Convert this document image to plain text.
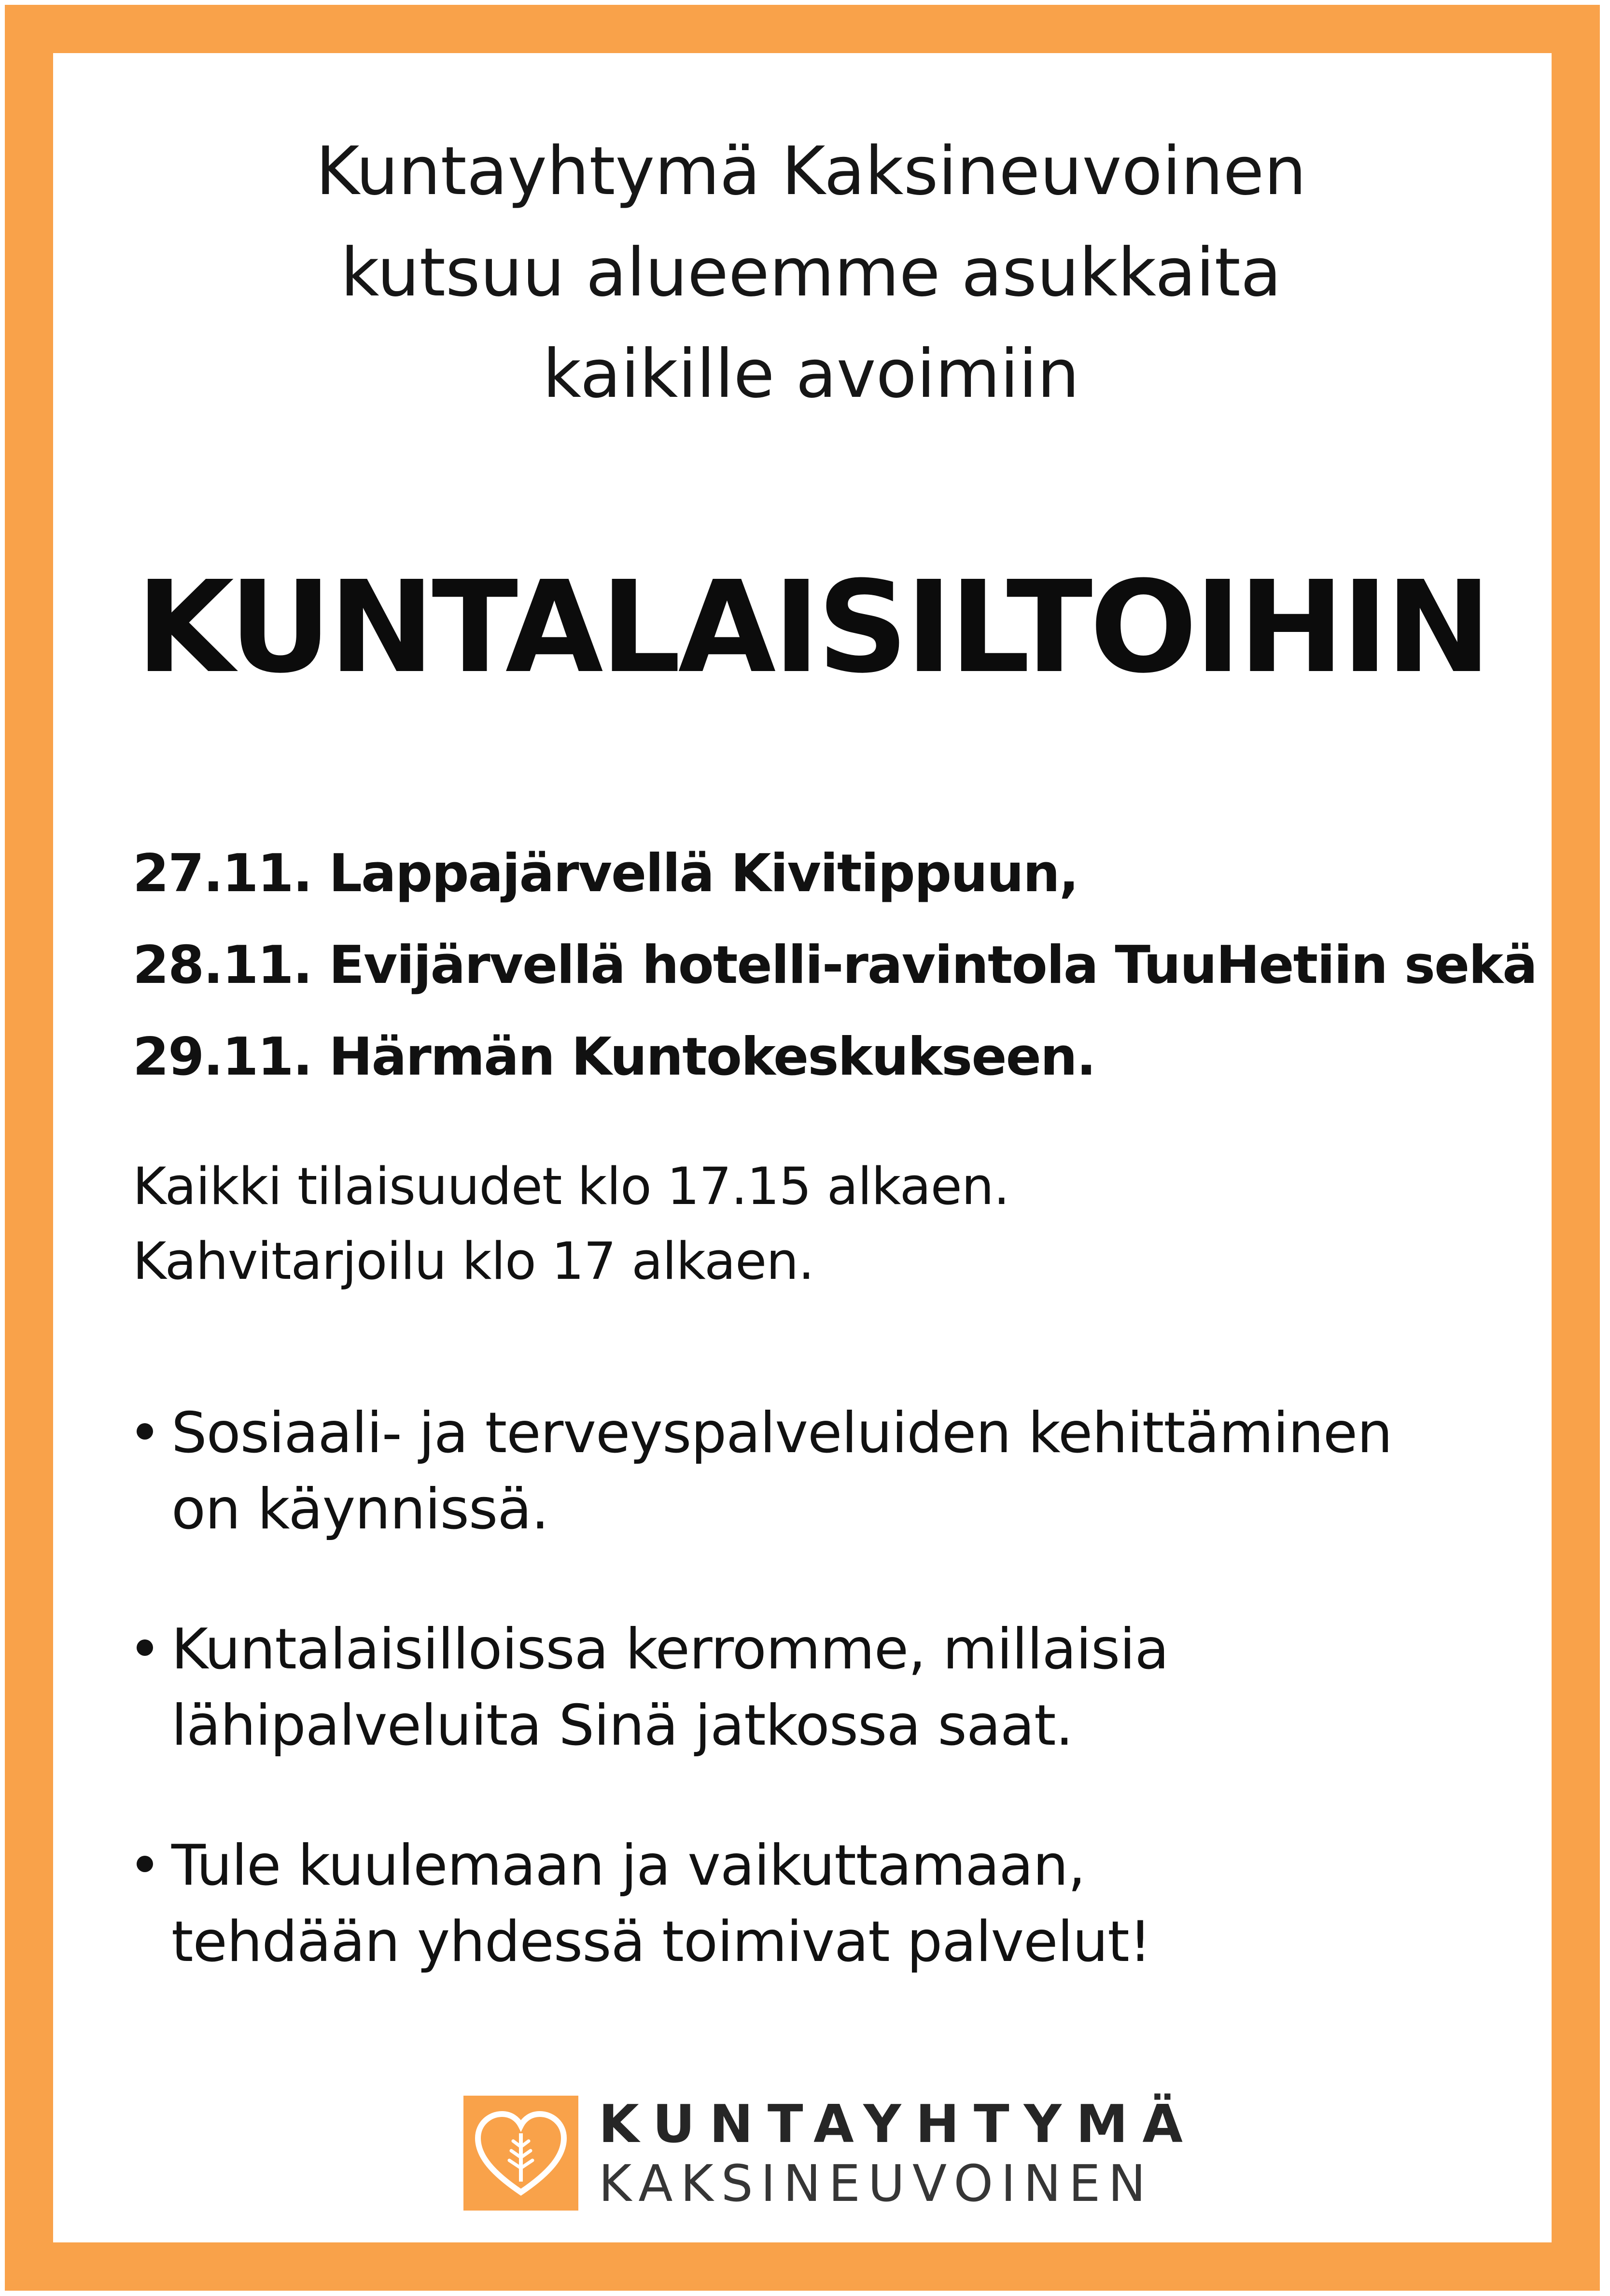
Kuntayhtymä Kaksineuvoinen
kutsuu alueemme asukkaita
kaikille avoimiin
KUNTALAISILTOIHIN
27.11. Lappajärvellä Kivitippuun,
28.11. Evijärvellä hotelli-ravintola TuuHetiin sekä
29.11. Härmän Kuntokeskukseen.
Kaikki tilaisuudet klo 17.15 alkaen.
Kahvitarjoilu klo 17 alkaen.
Sosiaali- ja terveyspalveluiden kehittäminen
on käynnissä.
Kuntalaisilloissa kerromme, millaisia
lähipalveluita Sinä jatkossa saat.
Tule kuulemaan ja vaikuttamaan,
tehdään yhdessä toimivat palvelut!
KUNTAYHTYMÄ
KAKSINEUVOINEN
